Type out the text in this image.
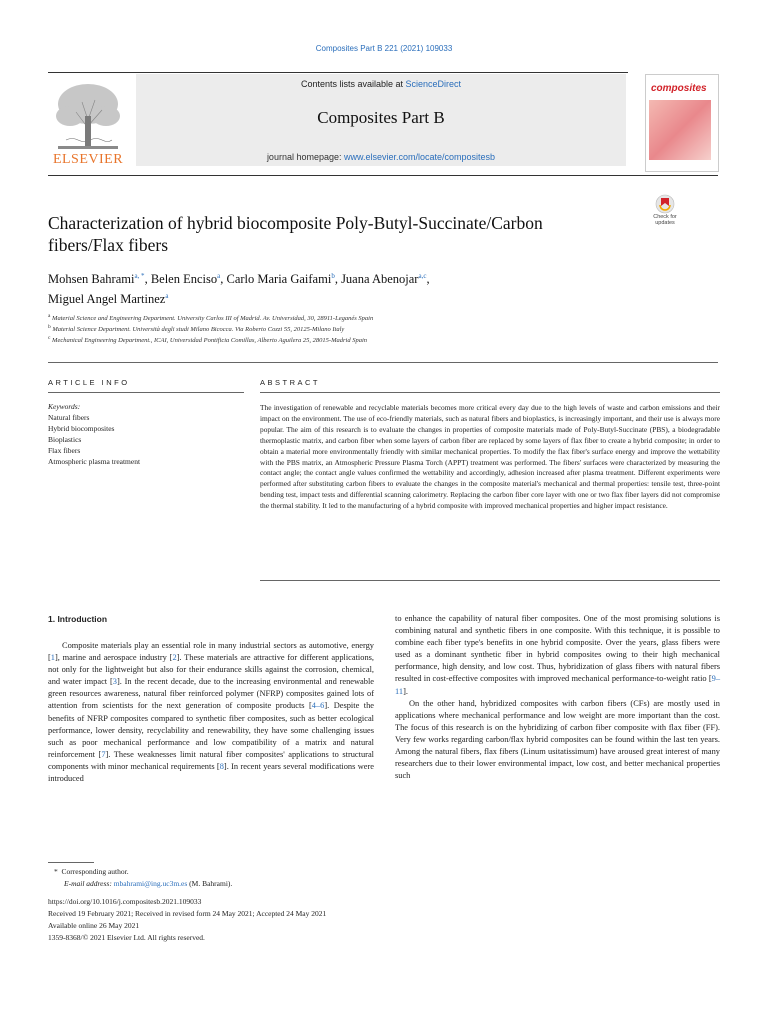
Composites Part B 221 (2021) 109033
ELSEVIER
Contents lists available at ScienceDirect
Composites Part B
journal homepage: www.elsevier.com/locate/compositesb
composites
Check for updates
Characterization of hybrid biocomposite Poly-Butyl-Succinate/Carbon
fibers/Flax fibers
Mohsen Bahrami$^{a, *}$, Belen Enciso$^a$, Carlo Maria Gaifami$^b$, Juana Abenojar$^{a,c}$,
Miguel Angel Martinez$^a$
$^a$ Material Science and Engineering Department. University Carlos III of Madrid. Av. Universidad, 30, 28911-Leganés Spain
$^b$ Material Science Department. Università degli studi Milano Bicocca. Via Roberto Cozzi 55, 20125-Milano Italy
$^c$ Mechanical Engineering Department., ICAI, Universidad Pontificia Comillas, Alberto Aguilera 25, 28015-Madrid Spain
ARTICLE INFO	ABSTRACT
Keywords:
Natural fibers
Hybrid biocomposites
Bioplastics
Flax fibers
Atmospheric plasma treatment
The investigation of renewable and recyclable materials becomes more critical every day due to the high levels of waste and carbon emissions and their impact on the environment. The use of eco-friendly materials, such as natural fibers and bioplastics, is increasingly important, and their use is always more popular. The aim of this research is to evaluate the changes in properties of composite materials made of Poly-Butyl-Succinate (PBS), a biodegradable thermoplastic matrix, and carbon fiber when some layers of carbon fiber are replaced by some layers of flax fiber to create a hybrid composite; in order to obtain a material more environmentally friendly with similar mechanical properties. To modify the flax fiber's surface energy and improve the wettability with the PBS matrix, an Atmospheric Pressure Plasma Torch (APPT) treatment was performed. The fibers' surfaces were characterized by measuring the contact angle; the contact angle values confirmed the wettability and accordingly, adhesion increased after plasma treatment. Different experiments were performed after substituting carbon fibers to evaluate the changes in the composite material's mechanical and thermal properties: tensile test, three-point bending test, impact tests and differential scanning calorimetry. Replacing the carbon fiber core layer with one or two flax fiber layers did not compromise the thermal stability. It led to the manufacturing of a hybrid composite with improved mechanical properties and higher impact resistance.
1. Introduction

Composite materials play an essential role in many industrial sectors as automotive, energy [1], marine and aerospace industry [2]. These materials are attractive for different applications, not only for the lightweight but also for their endurance skills against the corrosion, chemical, and water impact [3]. In the recent decade, due to the increasing environmental and renewable green resources awareness, natural fiber reinforced polymer (NFRP) composites gained lots of attention from scientists for the next generation of composite products [4–6]. Despite the benefits of NFRP composites compared to synthetic fiber composites, such as better ecological performance, lower density, recyclability and renewability, they have some challenging issues such as poor mechanical performance and low compatibility of a matrix and natural reinforcement [7]. These weaknesses limit natural fiber composites' applications to structural components with minor mechanical requirements [8]. In recent years several modifications were introduced

to enhance the capability of natural fiber composites. One of the most promising solutions is combining natural and synthetic fibers in one composite. With this technique, it is possible to combine each fiber type's benefits in one hybrid composite. Over the years, glass fibers were used as a dominant synthetic fiber in hybrid composites owing to their high mechanical performance, high density, and low cost. Thus, hybridization of glass fibers with natural fibers resulted in cost-effective composites with improved mechanical performance-to-weight ratio [9–11].

On the other hand, hybridized composites with carbon fibers (CFs) are mostly used in applications where mechanical performance and low weight are more important than the cost. The focus of this research is on the hybridizing of carbon fiber composite with flax fiber (FF). Very few works regarding carbon/flax hybrid composites can be found within the last ten years. Among the natural fibers, flax fibers (Linum usitatissimum) have aroused great interest of many researchers due to their lower environmental impact, low cost, and better mechanical properties such

*  Corresponding author.
E-mail address: mbahrami@ing.uc3m.es (M. Bahrami).
https://doi.org/10.1016/j.compositesb.2021.109033
Received 19 February 2021; Received in revised form 24 May 2021; Accepted 24 May 2021
Available online 26 May 2021
1359-8368/© 2021 Elsevier Ltd. All rights reserved.
